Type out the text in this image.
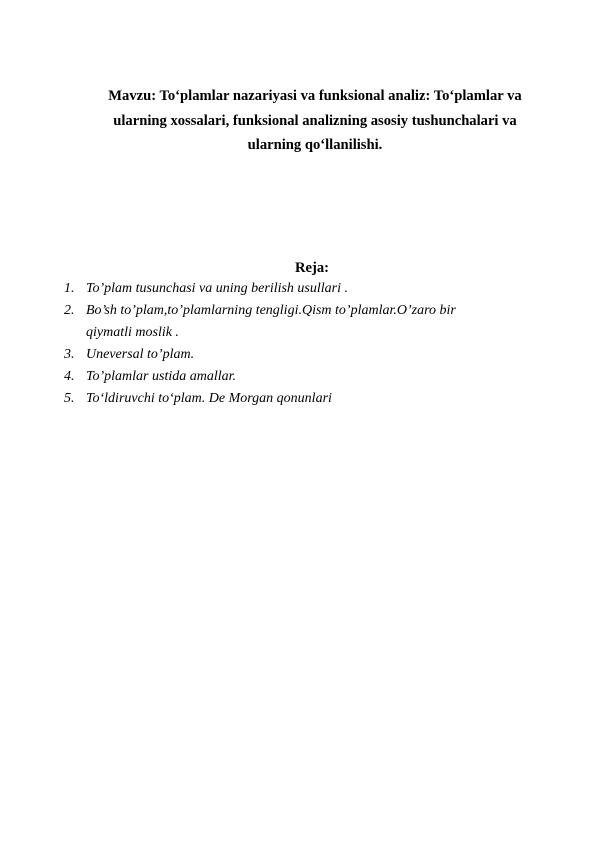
Mavzu: To‘plamlar nazariyasi va funksional analiz: To‘plamlar va
ularning xossalari, funksional analizning asosiy tushunchalari va
ularning qo‘llanilishi.
Reja:
1. To’plam tusunchasi va uning berilish usullari .
2. Bo’sh to’plam,to’plamlarning tengligi.Qism to’plamlar.O’zaro bir
qiymatli moslik .
3. Uneversal to’plam.
4. To’plamlar ustida amallar.
5. To‘ldiruvchi to‘plam. De Morgan qonunlari
